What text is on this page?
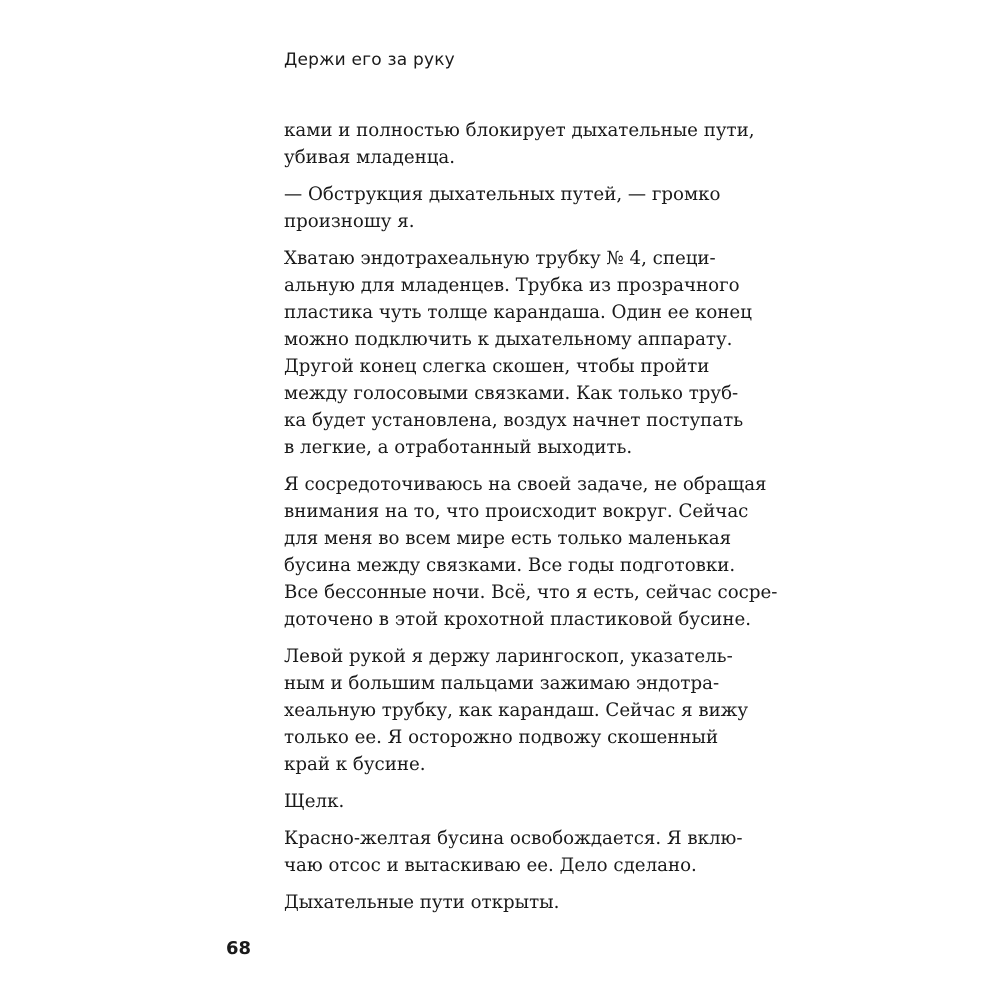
Держи его за руку

ками и полностью блокирует дыхательные пути,
убивая младенца.

— Обструкция дыхательных путей, — громко
произношу я.

Хватаю эндотрахеальную трубку № 4, специ-
альную для младенцев. Трубка из прозрачного
пластика чуть толще карандаша. Один ее конец
можно подключить к дыхательному аппарату.
Другой конец слегка скошен, чтобы пройти
между голосовыми связками. Как только труб-
ка будет установлена, воздух начнет поступать
в легкие, а отработанный выходить.

Я сосредоточиваюсь на своей задаче, не обращая
внимания на то, что происходит вокруг. Сейчас
для меня во всем мире есть только маленькая
бусина между связками. Все годы подготовки.
Все бессонные ночи. Всё, что я есть, сейчас сосре-
доточено в этой крохотной пластиковой бусине.

Левой рукой я держу ларингоскоп, указатель-
ным и большим пальцами зажимаю эндотра-
хеальную трубку, как карандаш. Сейчас я вижу
только ее. Я осторожно подвожу скошенный
край к бусине.

Щелк.

Красно-желтая бусина освобождается. Я вклю-
чаю отсос и вытаскиваю ее. Дело сделано.

Дыхательные пути открыты.

68
